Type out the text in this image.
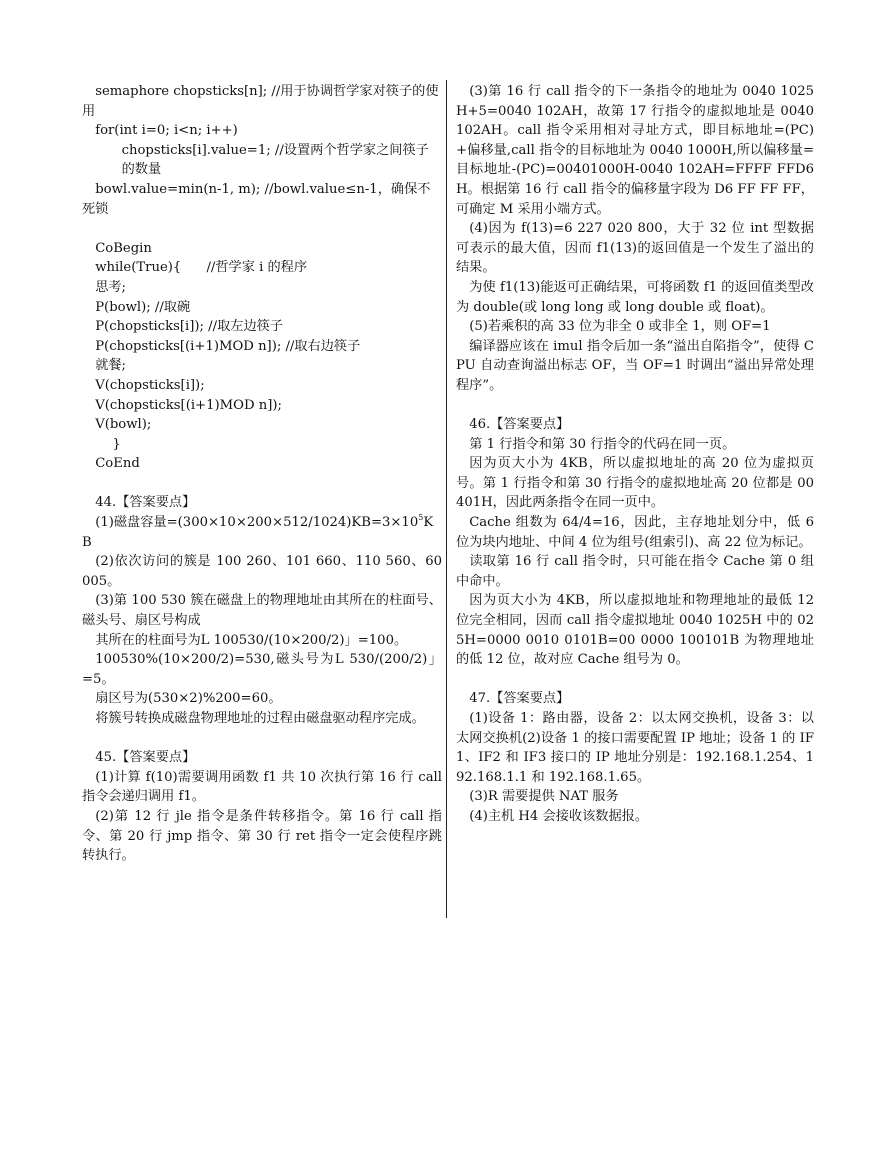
semaphore chopsticks[n]; //用于协调哲学家对筷子的使用

for(int i=0; i<n; i++)

chopsticks[i].value=1; //设置两个哲学家之间筷子的数量

bowl.value=min(n-1, m); //bowl.value≤n-1，确保不死锁

CoBegin

while(True){      //哲学家 i 的程序

思考;

P(bowl); //取碗

P(chopsticks[i]); //取左边筷子

P(chopsticks[(i+1)MOD n]); //取右边筷子

就餐;

V(chopsticks[i]);

V(chopsticks[(i+1)MOD n]);

V(bowl);

}

CoEnd

44.【答案要点】

(1)磁盘容量$=(300\times 10\times 200\times 512/1024)KB=3\times 10^5K$

B

(2)依次访问的簇是 100 260、101 660、110 560、60 005。

(3)第 100 530 簇在磁盘上的物理地址由其所在的柱面号、磁头号、扇区号构成

其所在的柱面号为L 100530/(10×200/2)」=100。

100530%(10×200/2)=530,磁头号为L 530/(200/2)」=5。

扇区号为(530×2)%200=60。

将簇号转换成磁盘物理地址的过程由磁盘驱动程序完成。

45.【答案要点】

(1)计算 f(10)需要调用函数 f1 共 10 次执行第 16 行 call 指令会递归调用 f1。

(2)第 12 行 jle 指令是条件转移指令。第 16 行 call 指令、第 20 行 jmp 指令、第 30 行 ret 指令一定会使程序跳转执行。

(3)第 16 行 call 指令的下一条指令的地址为 0040 1025H+5=0040 102AH，故第 17 行指令的虚拟地址是 0040 102AH。call 指令采用相对寻址方式，即目标地址=(PC)+偏移量,call 指令的目标地址为 0040 1000H,所以偏移量=目标地址-(PC)=00401000H-0040 102AH=FFFF FFD6H。根据第 16 行 call 指令的偏移量字段为 D6 FF FF FF，可确定 M 采用小端方式。

(4)因为 f(13)=6 227 020 800，大于 32 位 int 型数据可表示的最大值，因而 f1(13)的返回值是一个发生了溢出的结果。

为使 f1(13)能返可正确结果，可将函数 f1 的返回值类型改为 double(或 long long 或 long double 或 float)。

(5)若乘积的高 33 位为非全 0 或非全 1，则 OF=1

编译器应该在 imul 指令后加一条“溢出自陷指令”，使得 CPU 自动查询溢出标志 OF，当 OF=1 时调出“溢出异常处理程序”。

46.【答案要点】

第 1 行指令和第 30 行指令的代码在同一页。

因为页大小为 4KB，所以虚拟地址的高 20 位为虚拟页号。第 1 行指令和第 30 行指令的虚拟地址高 20 位都是 00401H，因此两条指令在同一页中。

Cache 组数为 64/4=16，因此，主存地址划分中，低 6 位为块内地址、中间 4 位为组号(组索引)、高 22 位为标记。

读取第 16 行 call 指令时，只可能在指令 Cache 第 0 组中命中。

因为页大小为 4KB，所以虚拟地址和物理地址的最低 12 位完全相同，因而 call 指令虚拟地址 0040 1025H 中的 025H=0000 0010 0101B=00 0000 100101B 为物理地址的低 12 位，故对应 Cache 组号为 0。

47.【答案要点】

(1)设备 1：路由器，设备 2：以太网交换机，设备 3：以太网交换机(2)设备 1 的接口需要配置 IP 地址；设备 1 的 IF1、IF2 和 IF3 接口的 IP 地址分别是：192.168.1.254、192.168.1.1 和 192.168.1.65。

(3)R 需要提供 NAT 服务

(4)主机 H4 会接收该数据报。
